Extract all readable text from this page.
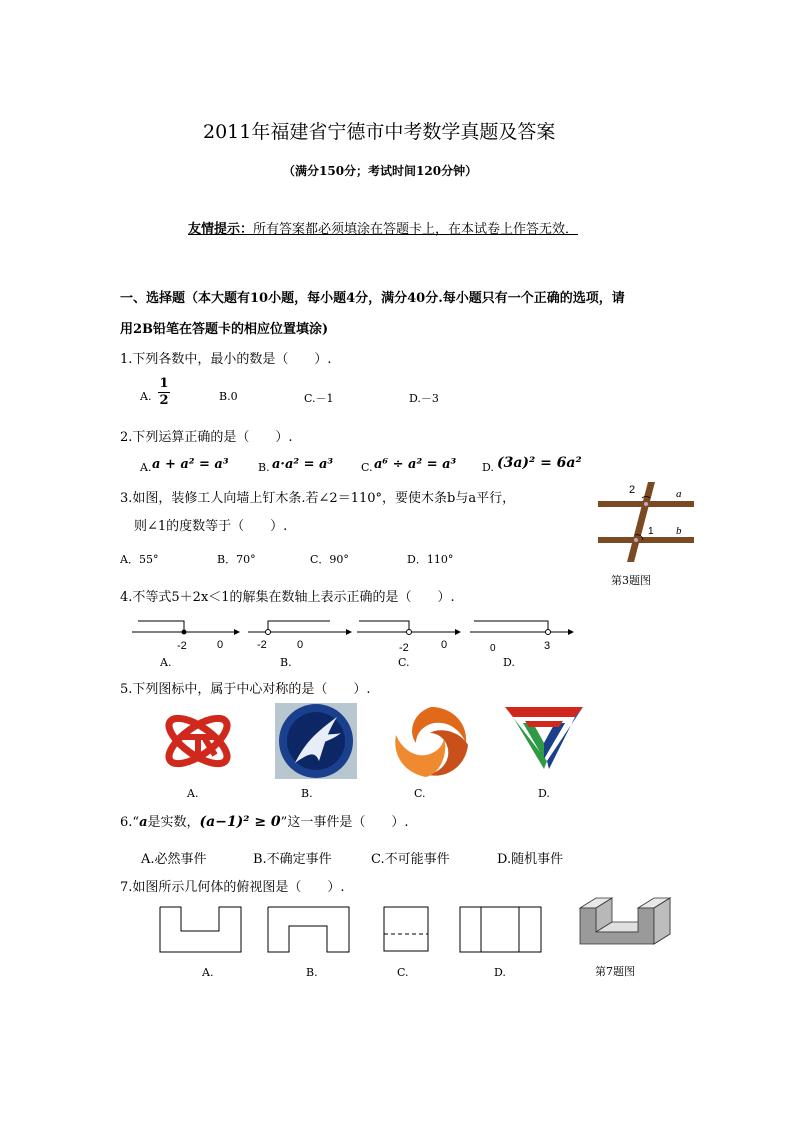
2011年福建省宁德市中考数学真题及答案
（满分150分；考试时间120分钟）
友情提示：所有答案都必须填涂在答题卡上，在本试卷上作答无效．
一、选择题（本大题有10小题，每小题4分，满分40分.每小题只有一个正确的选项，请
用2B铅笔在答题卡的相应位置填涂)
1.下列各数中，最小的数是（　　）.
A. $\frac{1}{2}$	B.0	C.－1	D.－3
2.下列运算正确的是（　　）.
A. a + a² = a³	B. a·a² = a³	C. a⁶ ÷ a² = a³ D. (3a)² = 6a²
3.如图，装修工人向墙上钉木条.若∠2＝110°，要使木条b与a平行，
则∠1的度数等于（　　）.
A．55°	B．70°	C．90°	D．110°
2
1
a
b
第3题图
4.不等式5＋2x＜1的解集在数轴上表示正确的是（　　）.
-2	0
A.
-2	0
B.
-2	0
C.
0	3
D.
5.下列图标中，属于中心对称的是（　　）.
A.	B.	C.	D.
6.“a是实数，(a−1)² ≥ 0”这一事件是（　　）.
A.必然事件	B.不确定事件	C.不可能事件	D.随机事件
7.如图所示几何体的俯视图是（　　）.
A.	B.	C.	D.	第7题图
